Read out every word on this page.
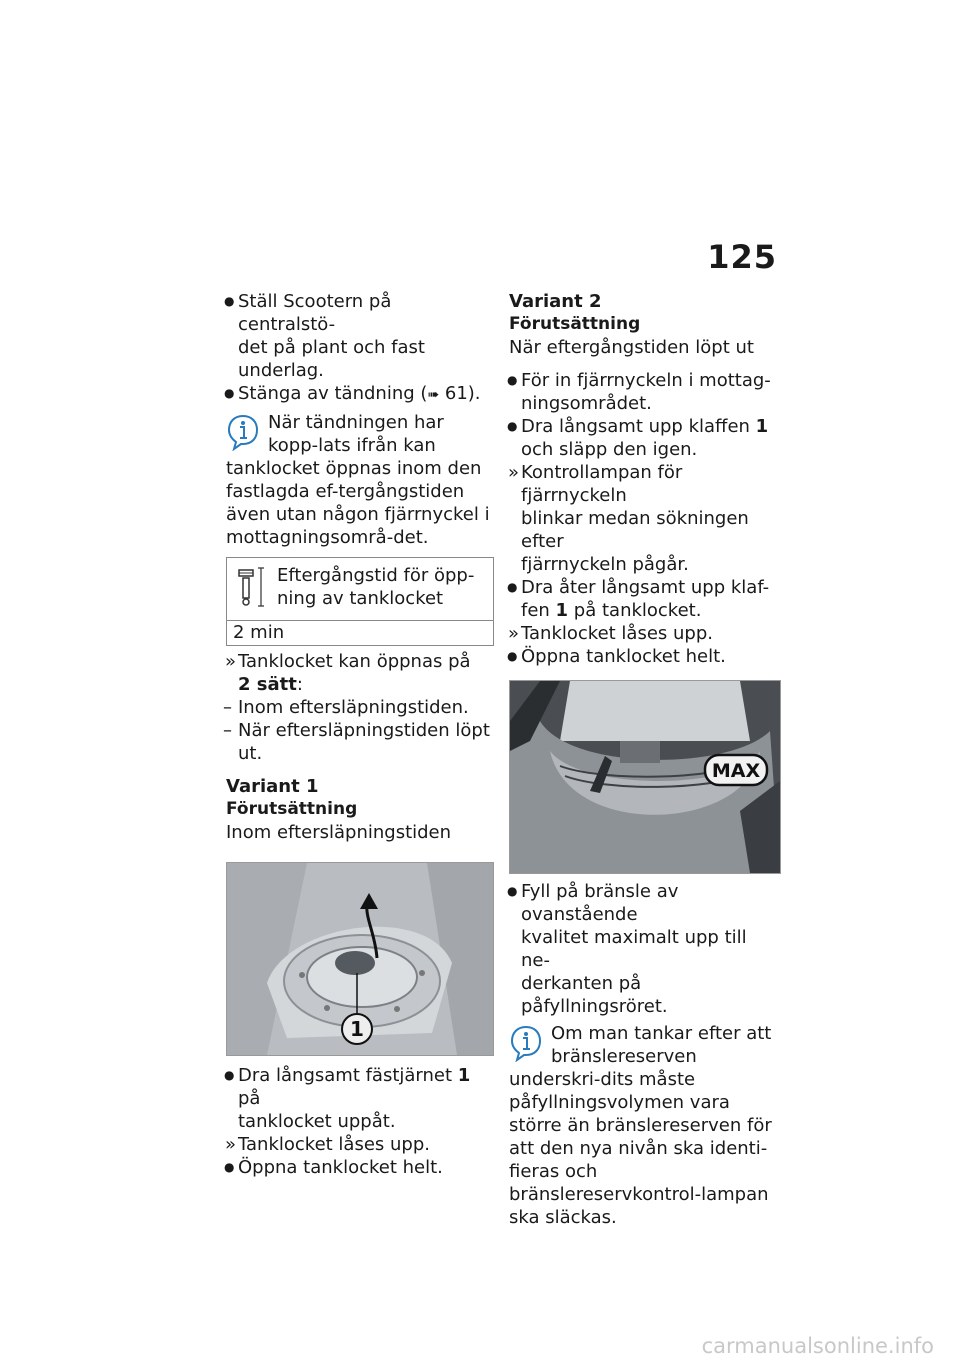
125

● Ställ Scootern på centralstö-
det på plant och fast underlag.

● Stänga av tändning (➠ 61).

När tändningen har kopp-lats ifrån kan tanklocket öppnas inom den fastlagda ef-tergångstiden även utan någon fjärrnyckel i mottagningsområ-det.
Eftergångstid för öpp-ning av tanklocket
2 min

» Tanklocket kan öppnas på
2 sätt:

– Inom eftersläpningstiden.

– När eftersläpningstiden löpt
ut.

Variant 1

Förutsättning

Inom eftersläpningstiden

1

● Dra långsamt fästjärnet 1 på
tanklocket uppåt.

» Tanklocket låses upp.

● Öppna tanklocket helt.

Variant 2

Förutsättning

När eftergångstiden löpt ut

● För in fjärrnyckeln i mottag-
ningsområdet.

● Dra långsamt upp klaffen 1
och släpp den igen.

» Kontrollampan för fjärrnyckeln
blinkar medan sökningen efter
fjärrnyckeln pågår.

● Dra åter långsamt upp klaf-
fen 1 på tanklocket.

» Tanklocket låses upp.

● Öppna tanklocket helt.

MAX

● Fyll på bränsle av ovanstående
kvalitet maximalt upp till ne-
derkanten på påfyllningsröret.

Om man tankar efter att bränslereserven underskri-dits måste påfyllningsvolymen vara större än bränslereserven för att den nya nivån ska identi-fieras och bränslereservkontrol-lampan ska släckas.
carmanualsonline.info
